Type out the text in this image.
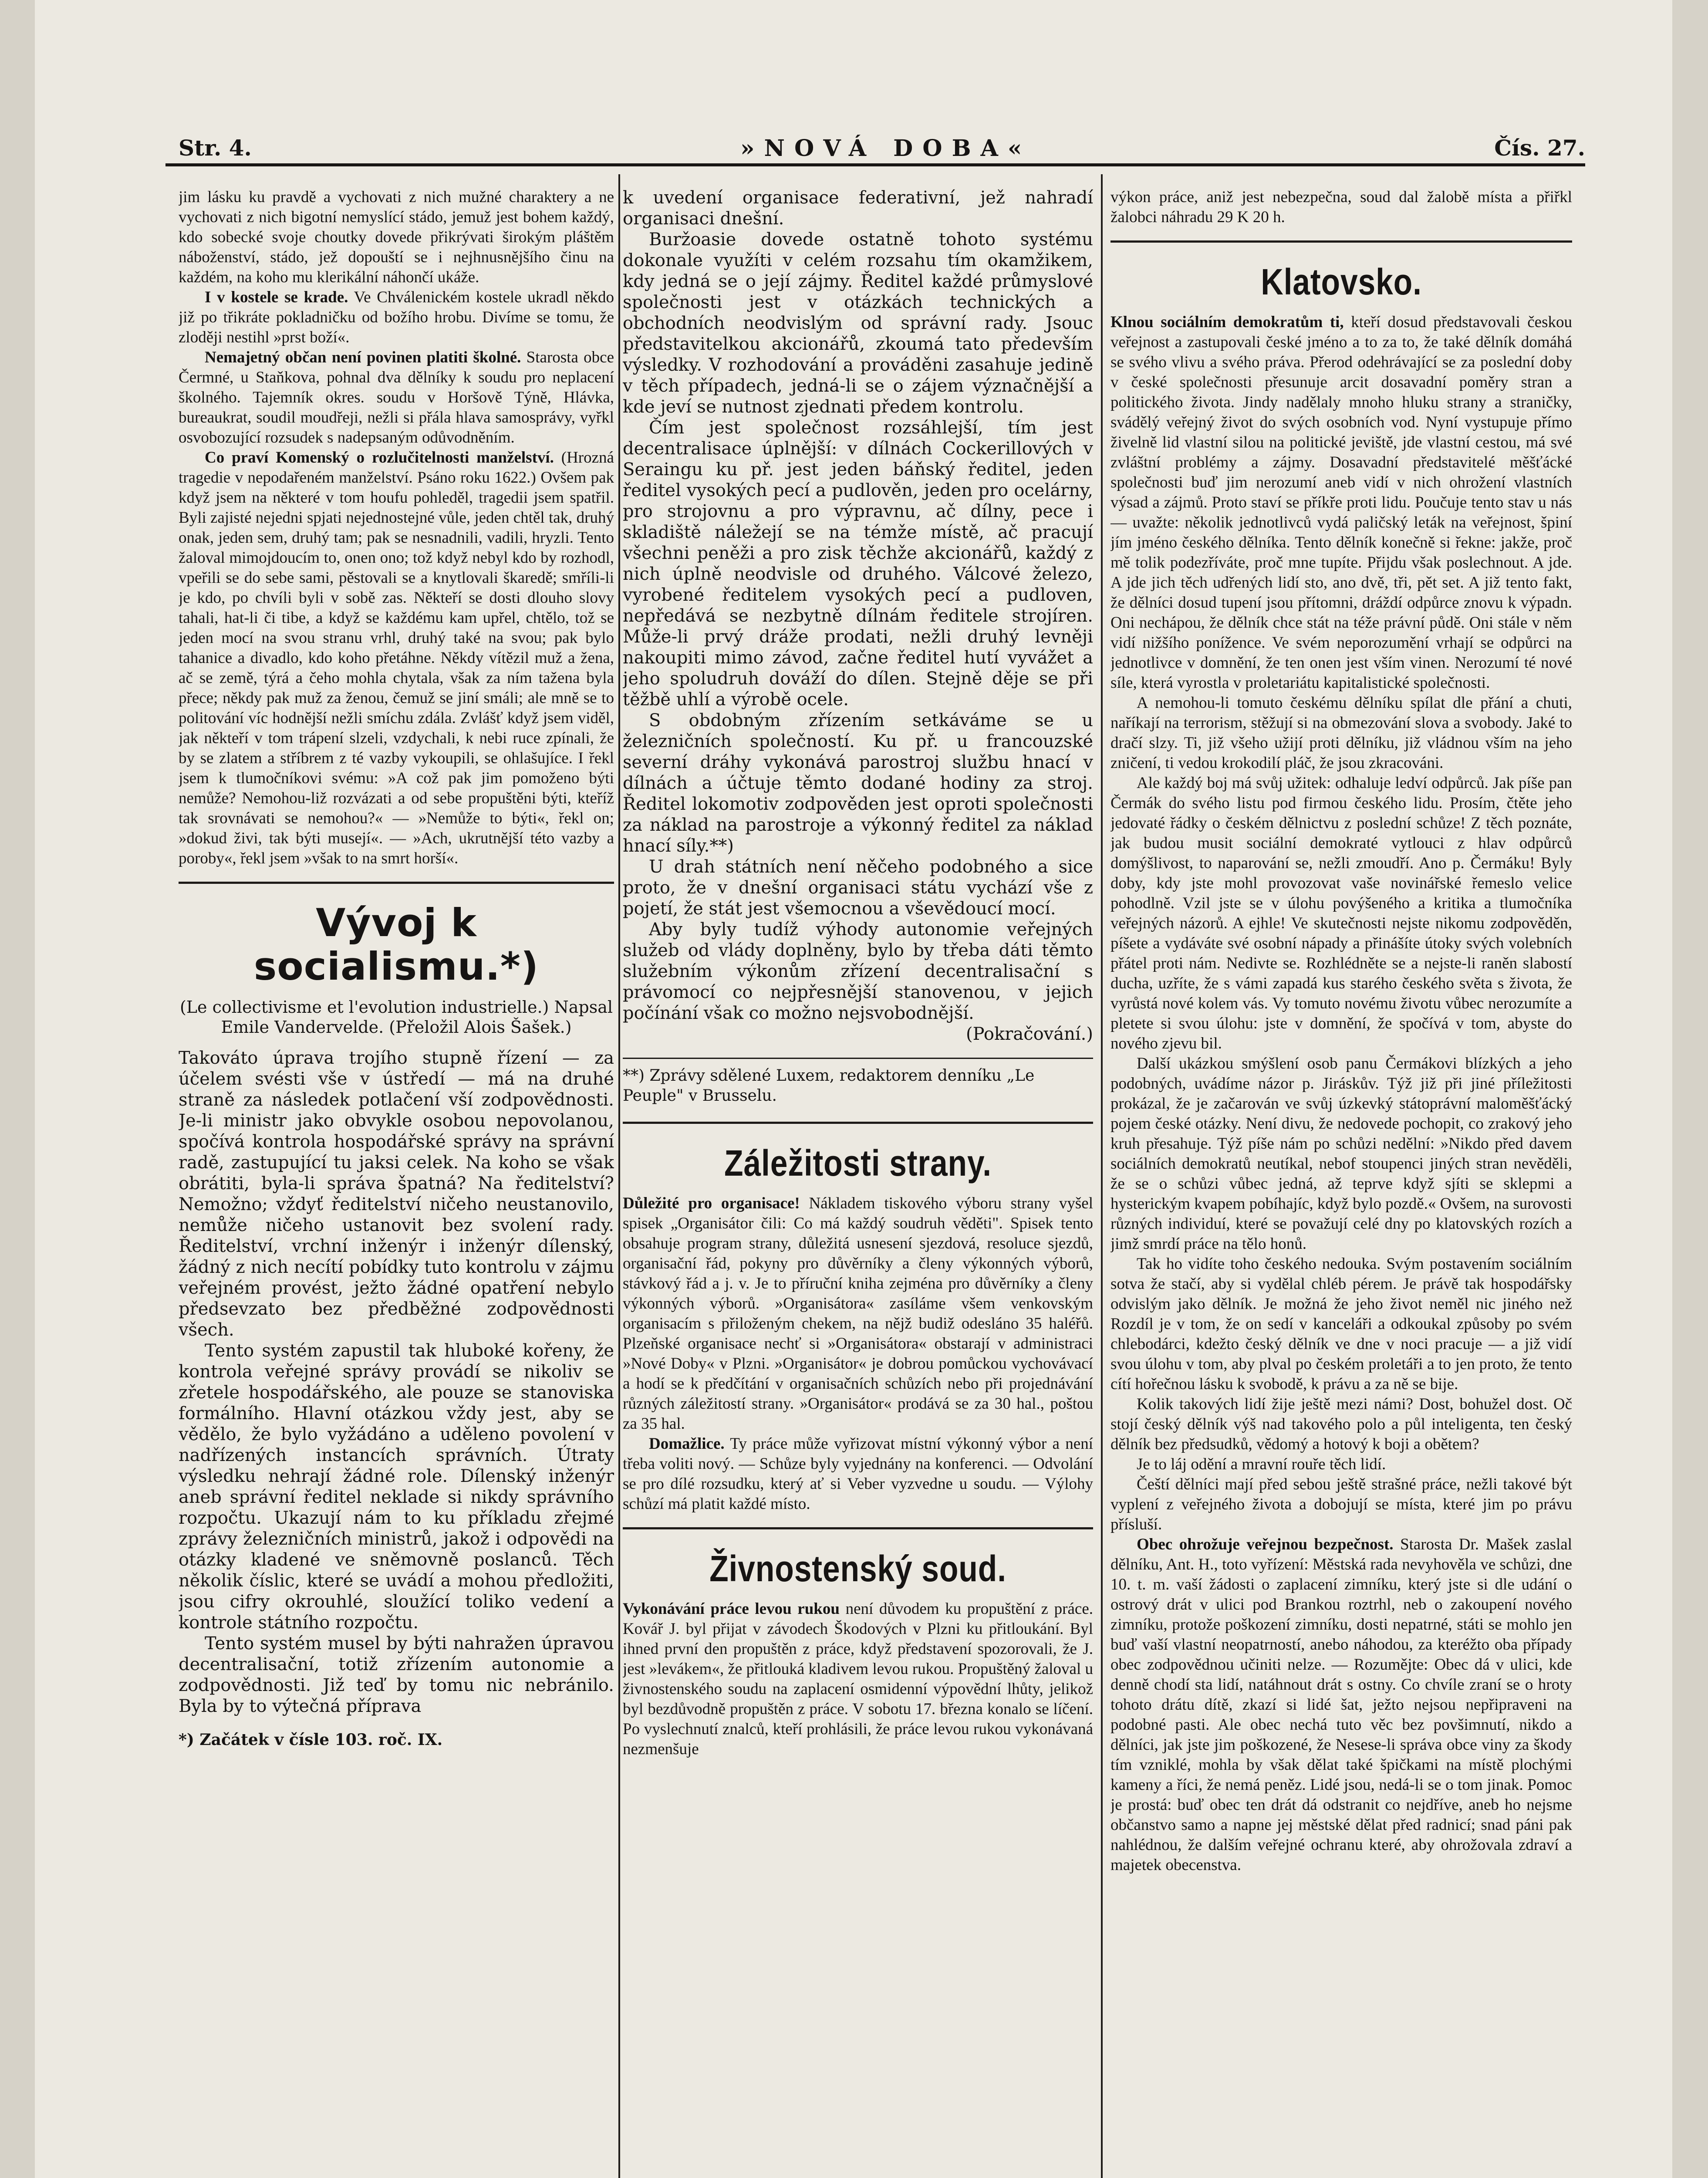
Str. 4.	»NOVÁ DOBA«	Čís. 27.

jim lásku ku pravdě a vychovati z nich mužné charaktery a ne vychovati z nich bigotní nemyslící stádo, jemuž jest bohem každý, kdo sobecké svoje choutky dovede přikrývati širokým pláštěm náboženství, stádo, jež dopouští se i nejhnusnějšího činu na každém, na koho mu klerikální náhončí ukáže.

I v kostele se krade. Ve Chválenickém kostele ukradl někdo již po třikráte pokladničku od božího hrobu. Divíme se tomu, že zloději nestihl »prst boží«.

Nemajetný občan není povinen platiti školné. Starosta obce Čermné, u Staňkova, pohnal dva dělníky k soudu pro neplacení školného. Tajemník okres. soudu v Horšově Týně, Hlávka, bureaukrat, soudil moudřeji, nežli si přála hlava samosprávy, vyřkl osvobozující rozsudek s nadepsaným odůvodněním.

Co praví Komenský o rozlučitelnosti manželství. (Hrozná tragedie v nepodařeném manželství. Psáno roku 1622.) Ovšem pak když jsem na některé v tom houfu pohleděl, tragedii jsem spatřil. Byli zajisté nejedni spjati nejednostejné vůle, jeden chtěl tak, druhý onak, jeden sem, druhý tam; pak se nesnadnili, vadili, hryzli. Tento žaloval mimojdoucím to, onen ono; tož když nebyl kdo by rozhodl, vpeřili se do sebe sami, pěstovali se a knytlovali škaredě; smříli-li je kdo, po chvíli byli v sobě zas. Někteří se dosti dlouho slovy tahali, hat-li či tibe, a když se každému kam upřel, chtělo, tož se jeden mocí na svou stranu vrhl, druhý také na svou; pak bylo tahanice a divadlo, kdo koho přetáhne. Někdy vítězil muž a žena, ač se země, týrá a čeho mohla chytala, však za ním tažena byla přece; někdy pak muž za ženou, čemuž se jiní smáli; ale mně se to politování víc hodnější nežli smíchu zdála. Zvlášť když jsem viděl, jak někteří v tom trápení slzeli, vzdychali, k nebi ruce zpínali, že by se zlatem a stříbrem z té vazby vykoupili, se ohlašujíce. I řekl jsem k tlumočníkovi svému: »A což pak jim pomoženo býti nemůže? Nemohou-liž rozvázati a od sebe propuštěni býti, kteříž tak srovnávati se nemohou?« — »Nemůže to býti«, řekl on; »dokud živi, tak býti musejí«. — »Ach, ukrutnější této vazby a poroby«, řekl jsem »však to na smrt horší«.

Vývoj k socialismu.*)

(Le collectivisme et l'evolution industrielle.) Napsal Emile Vandervelde. (Přeložil Alois Šašek.)

Takováto úprava trojího stupně řízení — za účelem svésti vše v ústředí — má na druhé straně za následek potlačení vší zodpovědnosti. Je-li ministr jako obvykle osobou nepovolanou, spočívá kontrola hospodářské správy na správní radě, zastupující tu jaksi celek. Na koho se však obrátiti, byla-li správa špatná? Na ředitelství? Nemožno; vždyť ředitelství ničeho neustanovilo, nemůže ničeho ustanovit bez svolení rady. Ředitelství, vrchní inženýr i inženýr dílenský, žádný z nich necítí pobídky tuto kontrolu v zájmu veřejném provést, ježto žádné opatření nebylo předsevzato bez předběžné zodpovědnosti všech.

Tento systém zapustil tak hluboké kořeny, že kontrola veřejné správy provádí se nikoliv se zřetele hospodářského, ale pouze se stanoviska formálního. Hlavní otázkou vždy jest, aby se vědělo, že bylo vyžádáno a uděleno povolení v nadřízených instancích správních. Útraty výsledku nehrají žádné role. Dílenský inženýr aneb správní ředitel neklade si nikdy správního rozpočtu. Ukazují nám to ku příkladu zřejmé zprávy železničních ministrů, jakož i odpovědi na otázky kladené ve sněmovně poslanců. Těch několik číslic, které se uvádí a mohou předložiti, jsou cifry okrouhlé, sloužící toliko vedení a kontrole státního rozpočtu.

Tento systém musel by býti nahražen úpravou decentralisační, totiž zřízením autonomie a zodpovědnosti. Již teď by tomu nic nebránilo. Byla by to výtečná příprava

*) Začátek v čísle 103. roč. IX.

k uvedení organisace federativní, jež nahradí organisaci dnešní.

Buržoasie dovede ostatně tohoto systému dokonale využíti v celém rozsahu tím okamžikem, kdy jedná se o její zájmy. Ředitel každé průmyslové společnosti jest v otázkách technických a obchodních neodvislým od správní rady. Jsouc představitelkou akcionářů, zkoumá tato především výsledky. V rozhodování a prováděni zasahuje jedině v těch případech, jedná-li se o zájem význačnější a kde jeví se nutnost zjednati předem kontrolu.

Čím jest společnost rozsáhlejší, tím jest decentralisace úplnější: v dílnách Cockerillových v Seraingu ku př. jest jeden báňský ředitel, jeden ředitel vysokých pecí a pudlověn, jeden pro ocelárny, pro strojovnu a pro výpravnu, ač dílny, pece i skladiště náležejí se na témže místě, ač pracují všechni peněži a pro zisk těchže akcionářů, každý z nich úplně neodvisle od druhého. Válcové železo, vyrobené ředitelem vysokých pecí a pudloven, nepředává se nezbytně dílnám ředitele strojíren. Může-li prvý dráže prodati, nežli druhý levněji nakoupiti mimo závod, začne ředitel hutí vyvážet a jeho spoludruh dováží do dílen. Stejně děje se při těžbě uhlí a výrobě ocele.

S obdobným zřízením setkáváme se u železničních společností. Ku př. u francouzské severní dráhy vykonává parostroj službu hnací v dílnách a účtuje těmto dodané hodiny za stroj. Ředitel lokomotiv zodpověden jest oproti společnosti za náklad na parostroje a výkonný ředitel za náklad hnací síly.**)

U drah státních není něčeho podobného a sice proto, že v dnešní organisaci státu vychází vše z pojetí, že stát jest všemocnou a vševědoucí mocí.

Aby byly tudíž výhody autonomie veřejných služeb od vlády doplněny, bylo by třeba dáti těmto služebním výkonům zřízení decentralisační s právomocí co nejpřesnější stanovenou, v jejich počínání však co možno nejsvobodnější.

(Pokračování.)

**) Zprávy sdělené Luxem, redaktorem denníku „Le Peuple" v Brusselu.

Záležitosti strany.

Důležité pro organisace! Nákladem tiskového výboru strany vyšel spisek „Organisátor čili: Co má každý soudruh věděti". Spisek tento obsahuje program strany, důležitá usnesení sjezdová, resoluce sjezdů, organisační řád, pokyny pro důvěrníky a členy výkonných výborů, stávkový řád a j. v. Je to příruční kniha zejména pro důvěrníky a členy výkonných výborů. »Organisátora« zasíláme všem venkovským organisacím s přiloženým chekem, na nějž budiž odesláno 35 haléřů. Plzeňské organisace nechť si »Organisátora« obstarají v administraci »Nové Doby« v Plzni. »Organisátor« je dobrou pomůckou vychovávací a hodí se k předčítání v organisačních schůzích nebo při projednávání různých záležitostí strany. »Organisátor« prodává se za 30 hal., poštou za 35 hal.

Domažlice. Ty práce může vyřizovat místní výkonný výbor a není třeba voliti nový. — Schůze byly vyjednány na konferenci. — Odvolání se pro dílé rozsudku, který ať si Veber vyzvedne u soudu. — Výlohy schůzí má platit každé místo.

Živnostenský soud.

Vykonávání práce levou rukou není důvodem ku propuštění z práce. Kovář J. byl přijat v závodech Škodových v Plzni ku přitloukání. Byl ihned první den propuštěn z práce, když představení spozorovali, že J. jest »levákem«, že přitlouká kladivem levou rukou. Propuštěný žaloval u živnostenského soudu na zaplacení osmidenní výpovědní lhůty, jelikož byl bezdůvodně propuštěn z práce. V sobotu 17. března konalo se líčení. Po vyslechnutí znalců, kteří prohlásili, že práce levou rukou vykonávaná nezmenšuje

výkon práce, aniž jest nebezpečna, soud dal žalobě místa a přiřkl žalobci náhradu 29 K 20 h.

Klatovsko.

Klnou sociálním demokratům ti, kteří dosud představovali českou veřejnost a zastupovali české jméno a to za to, že také dělník domáhá se svého vlivu a svého práva. Přerod odehrávající se za poslední doby v české společnosti přesunuje arcit dosavadní poměry stran a politického života. Jindy nadělaly mnoho hluku strany a straničky, svádělý veřejný život do svých osobních vod. Nyní vystupuje přímo živelně lid vlastní silou na politické jeviště, jde vlastní cestou, má své zvláštní problémy a zájmy. Dosavadní představitelé měšťácké společnosti buď jim nerozumí aneb vidí v nich ohrožení vlastních výsad a zájmů. Proto staví se příkře proti lidu. Poučuje tento stav u nás — uvažte: několik jednotlivců vydá paličský leták na veřejnost, špiní jím jméno českého dělníka. Tento dělník konečně si řekne: jakže, proč mě tolik podezříváte, proč mne tupíte. Přijdu však poslechnout. A jde. A jde jich těch udřených lidí sto, ano dvě, tři, pět set. A již tento fakt, že dělníci dosud tupení jsou přítomni, dráždí odpůrce znovu k výpadn. Oni nechápou, že dělník chce stát na téže právní půdě. Oni stále v něm vidí nižšího ponížence. Ve svém neporozumění vrhají se odpůrci na jednotlivce v domnění, že ten onen jest vším vinen. Nerozumí té nové síle, která vyrostla v proletariátu kapitalistické společnosti.

A nemohou-li tomuto českému dělníku spílat dle přání a chuti, naříkají na terrorism, stěžují si na obmezování slova a svobody. Jaké to dračí slzy. Ti, již všeho užijí proti dělníku, již vládnou vším na jeho zničení, ti vedou krokodilí pláč, že jsou zkracováni.

Ale každý boj má svůj užitek: odhaluje ledví odpůrců. Jak píše pan Čermák do svého listu pod firmou českého lidu. Prosím, čtěte jeho jedovaté řádky o českém dělnictvu z poslední schůze! Z těch poznáte, jak budou musit sociální demokraté vytlouci z hlav odpůrců domýšlivost, to naparování se, nežli zmoudří. Ano p. Čermáku! Byly doby, kdy jste mohl provozovat vaše novinářské řemeslo velice pohodlně. Vzil jste se v úlohu povýšeného a kritika a tlumočníka veřejných názorů. A ejhle! Ve skutečnosti nejste nikomu zodpověděn, píšete a vydáváte své osobní nápady a přinášíte útoky svých volebních přátel proti nám. Nedivte se. Rozhlédněte se a nejste-li raněn slabostí ducha, uzříte, že s vámi zapadá kus starého českého světa s života, že vyrůstá nové kolem vás. Vy tomuto novému životu vůbec nerozumíte a pletete si svou úlohu: jste v domnění, že spočívá v tom, abyste do nového zjevu bil.

Další ukázkou smýšlení osob panu Čermákovi blízkých a jeho podobných, uvádíme názor p. Jiráskův. Týž již při jiné příležitosti prokázal, že je začarován ve svůj úzkevký státoprávní maloměšťácký pojem české otázky. Není divu, že nedovede pochopit, co zrakový jeho kruh přesahuje. Týž píše nám po schůzi nedělní: »Nikdo před davem sociálních demokratů neutíkal, nebof stoupenci jiných stran nevěděli, že se o schůzi vůbec jedná, až teprve když sjíti se sklepmi a hysterickým kvapem pobíhajíc, když bylo pozdě.« Ovšem, na surovosti různých individuí, které se považují celé dny po klatovských rozích a jimž smrdí práce na tělo honů.

Tak ho vidíte toho českého nedouka. Svým postavením sociálním sotva že stačí, aby si vydělal chléb pérem. Je právě tak hospodářsky odvislým jako dělník. Je možná že jeho život neměl nic jiného než Rozdíl je v tom, že on sedí v kanceláři a odkoukal způsoby po svém chlebodárci, kdežto český dělník ve dne v noci pracuje — a již vidí svou úlohu v tom, aby plval po českém proletáři a to jen proto, že tento cítí hořečnou lásku k svobodě, k právu a za ně se bije.

Kolik takových lidí žije ještě mezi námi? Dost, bohužel dost. Oč stojí český dělník výš nad takového polo a půl inteligenta, ten český dělník bez předsudků, vědomý a hotový k boji a obětem?

Je to láj odění a mravní rouře těch lidí.

Čeští dělníci mají před sebou ještě strašné práce, nežli takové být vyplení z veřejného života a dobojují se místa, které jim po právu přísluší.

Obec ohrožuje veřejnou bezpečnost. Starosta Dr. Mašek zaslal dělníku, Ant. H., toto vyřízení: Městská rada nevyhověla ve schůzi, dne 10. t. m. vaší žádosti o zaplacení zimníku, který jste si dle udání o ostrový drát v ulici pod Brankou roztrhl, neb o zakoupení nového zimníku, protože poškození zimníku, dosti nepatrné, státi se mohlo jen buď vaší vlastní neopatrností, anebo náhodou, za kteréžto oba případy obec zodpovědnou učiniti nelze. — Rozumějte: Obec dá v ulici, kde denně chodí sta lidí, natáhnout drát s ostny. Co chvíle zraní se o hroty tohoto drátu dítě, zkazí si lidé šat, ježto nejsou nepřipraveni na podobné pasti. Ale obec nechá tuto věc bez povšimnutí, nikdo a dělníci, jak jste jim poškozené, že Nesese-li správa obce viny za škody tím vzniklé, mohla by však dělat také špičkami na místě plochými kameny a říci, že nemá peněz. Lidé jsou, nedá-li se o tom jinak. Pomoc je prostá: buď obec ten drát dá odstranit co nejdříve, aneb ho nejsme občanstvo samo a napne jej městské dělat před radnicí; snad páni pak nahlédnou, že dalším veřejné ochranu které, aby ohrožovala zdraví a majetek obecenstva.
